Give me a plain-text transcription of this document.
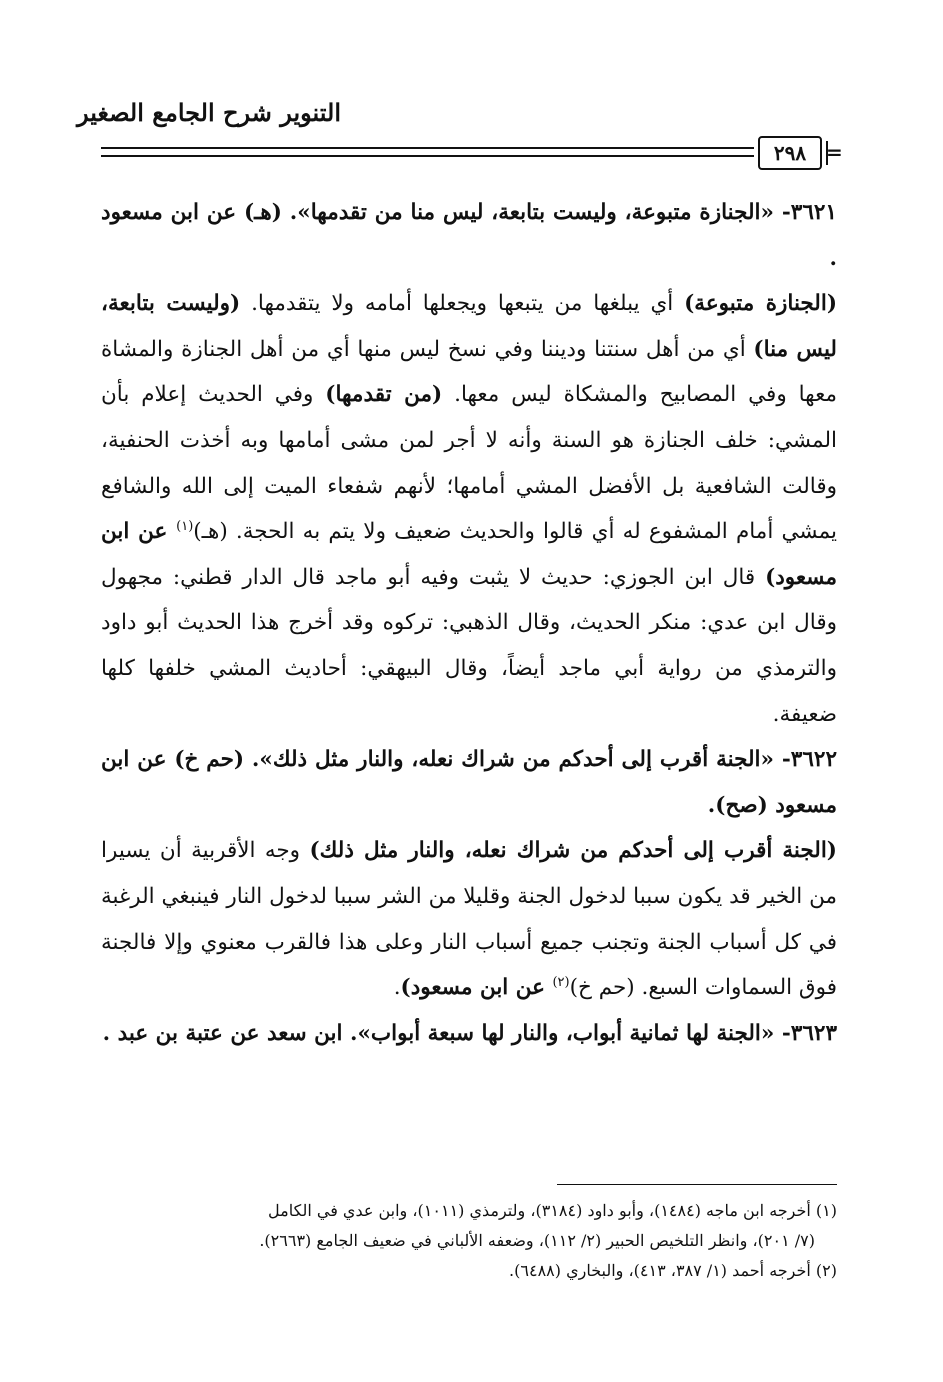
التنوير شرح الجامع الصغير
٢٩٨ =

٣٦٢١- «الجنازة متبوعة، وليست بتابعة، ليس منا من تقدمها». (هـ) عن ابن مسعود .

(الجنازة متبوعة) أي يبلغها من يتبعها ويجعلها أمامه ولا يتقدمها. (وليست بتابعة، ليس منا) أي من أهل سنتنا وديننا وفي نسخ ليس منها أي من أهل الجنازة والمشاة معها وفي المصابيح والمشكاة ليس معها. (من تقدمها) وفي الحديث إعلام بأن المشي: خلف الجنازة هو السنة وأنه لا أجر لمن مشى أمامها وبه أخذت الحنفية، وقالت الشافعية بل الأفضل المشي أمامها؛ لأنهم شفعاء الميت إلى الله والشافع يمشي أمام المشفوع له أي قالوا والحديث ضعيف ولا يتم به الحجة. (هـ)$^{(١)}$ عن ابن مسعود) قال ابن الجوزي: حديث لا يثبت وفيه أبو ماجد قال الدار قطني: مجهول وقال ابن عدي: منكر الحديث، وقال الذهبي: تركوه وقد أخرج هذا الحديث أبو داود والترمذي من رواية أبي ماجد أيضاً، وقال البيهقي: أحاديث المشي خلفها كلها ضعيفة.

٣٦٢٢- «الجنة أقرب إلى أحدكم من شراك نعله، والنار مثل ذلك». (حم خ) عن ابن مسعود (صح).

(الجنة أقرب إلى أحدكم من شراك نعله، والنار مثل ذلك) وجه الأقربية أن يسيرا من الخير قد يكون سببا لدخول الجنة وقليلا من الشر سببا لدخول النار فينبغي الرغبة في كل أسباب الجنة وتجنب جميع أسباب النار وعلى هذا فالقرب معنوي وإلا فالجنة فوق السماوات السبع. (حم خ)$^{(٢)}$ عن ابن مسعود).

٣٦٢٣- «الجنة لها ثمانية أبواب، والنار لها سبعة أبواب». ابن سعد عن عتبة بن عبد .

(١) أخرجه ابن ماجه (١٤٨٤)، وأبو داود (٣١٨٤)، ولترمذي (١٠١١)، وابن عدي في الكامل

(٧/ ٢٠١)، وانظر التلخيص الحبير (٢/ ١١٢)، وضعفه الألباني في ضعيف الجامع (٢٦٦٣).

(٢) أخرجه أحمد (١/ ٣٨٧، ٤١٣)، والبخاري (٦٤٨٨).
